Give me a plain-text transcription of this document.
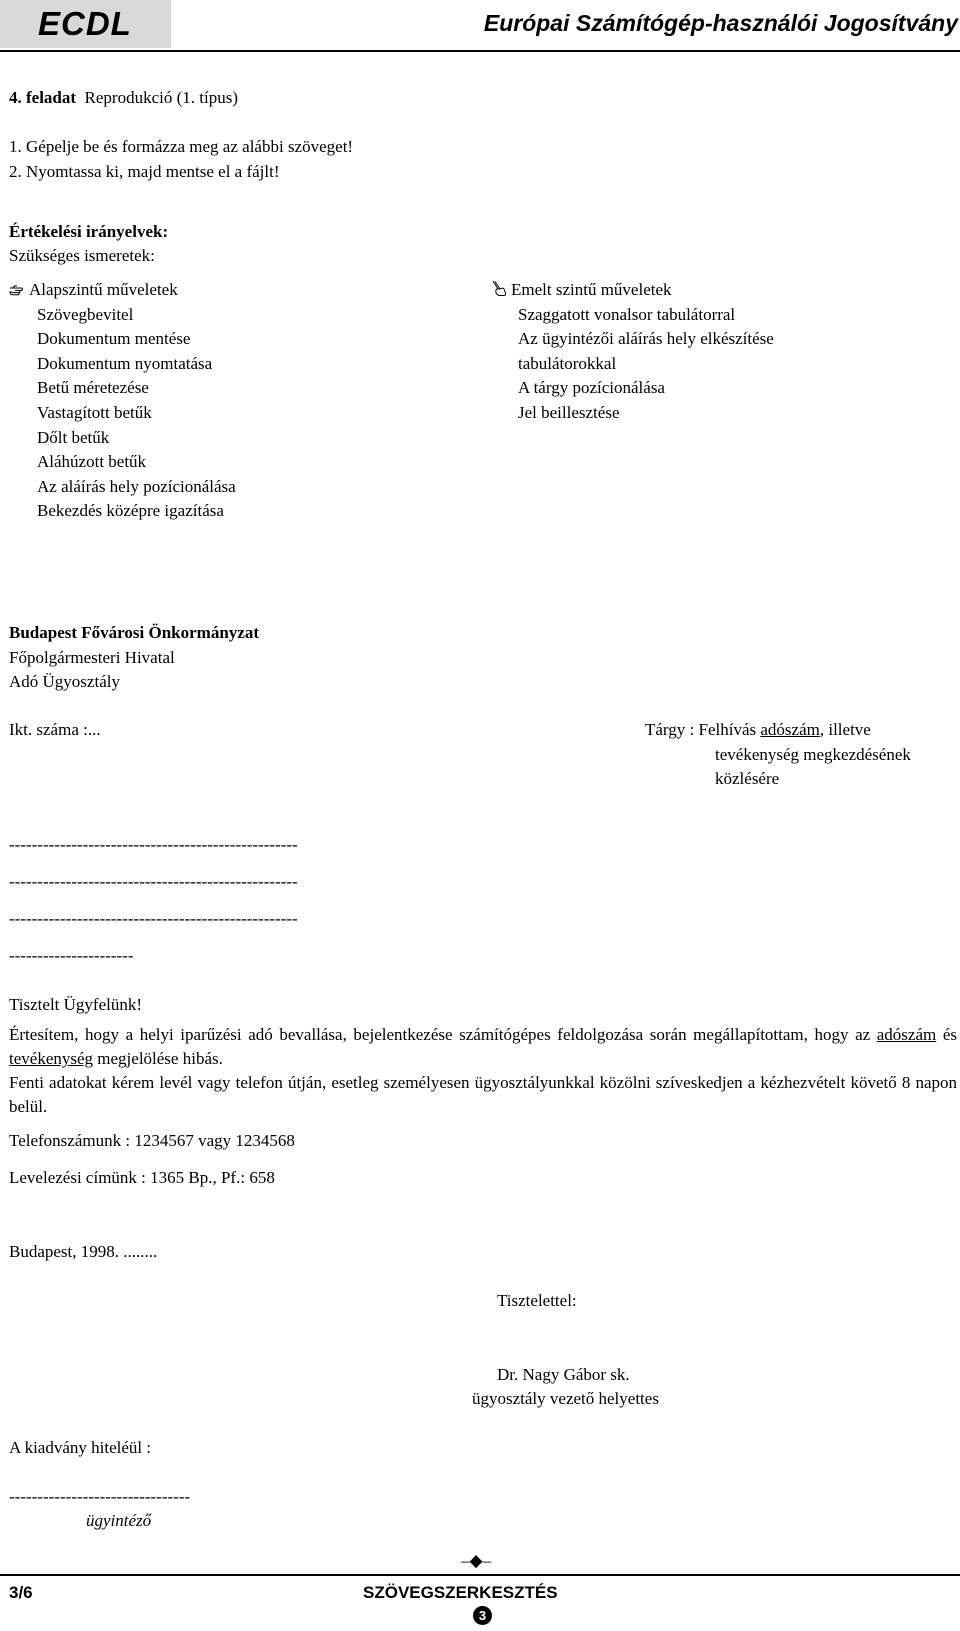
ECDL	Európai Számítógép-használói Jogosítvány
4. feladat Reprodukció (1. típus)
1. Gépelje be és formázza meg az alábbi szöveget!
2. Nyomtassa ki, majd mentse el a fájlt!
Értékelési irányelvek:
Szükséges ismeretek:
Alapszintű műveletek
Szövegbevitel
Dokumentum mentése
Dokumentum nyomtatása
Betű méretezése
Vastagított betűk
Dőlt betűk
Aláhúzott betűk
Az aláírás hely pozícionálása
Bekezdés középre igazítása
Emelt szintű műveletek
Szaggatott vonalsor tabulátorral
Az ügyintézői aláírás hely elkészítése
tabulátorokkal
A tárgy pozícionálása
Jel beillesztése
Budapest Fővárosi Önkormányzat
Főpolgármesteri Hivatal
Adó Ügyosztály
Ikt. száma :...	Tárgy : Felhívás adószám, illetve
tevékenység megkezdésének
közlésére
---------------------------------------------------
---------------------------------------------------
---------------------------------------------------
----------------------
Tisztelt Ügyfelünk!

Értesítem, hogy a helyi iparűzési adó bevallása, bejelentkezése számítógépes feldolgozása során megállapítottam, hogy az adószám és tevékenység megjelölése hibás.

Fenti adatokat kérem levél vagy telefon útján, esetleg személyesen ügyosztályunkkal közölni szíveskedjen a kézhezvételt követő 8 napon belül.

Telefonszámunk : 1234567 vagy 1234568
Levelezési címünk : 1365 Bp., Pf.: 658
Budapest, 1998. ........
Tisztelettel:
Dr. Nagy Gábor sk.
ügyosztály vezető helyettes
A kiadvány hiteléül :
--------------------------------
ügyintéző
–◆–
3/6	SZÖVEGSZERKESZTÉS
3
